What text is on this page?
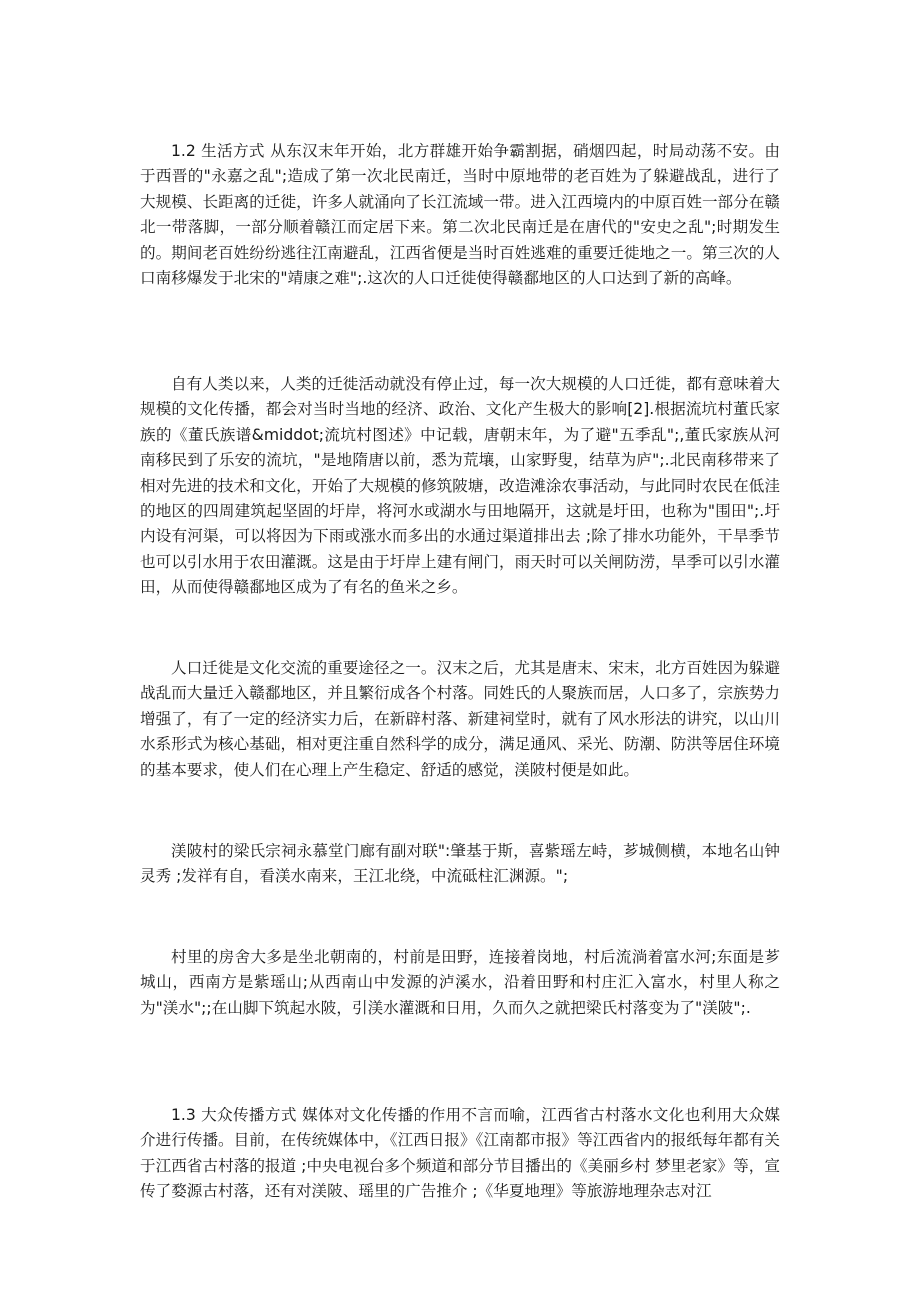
1.2 生活方式 从东汉末年开始，北方群雄开始争霸割据，硝烟四起，时局动荡不安。由于西晋的"永嘉之乱";造成了第一次北民南迁，当时中原地带的老百姓为了躲避战乱，进行了大规模、长距离的迁徙，许多人就涌向了长江流域一带。进入江西境内的中原百姓一部分在赣北一带落脚，一部分顺着赣江而定居下来。第二次北民南迁是在唐代的"安史之乱";时期发生的。期间老百姓纷纷逃往江南避乱，江西省便是当时百姓逃难的重要迁徙地之一。第三次的人口南移爆发于北宋的"靖康之难";.这次的人口迁徙使得赣鄱地区的人口达到了新的高峰。

自有人类以来，人类的迁徙活动就没有停止过，每一次大规模的人口迁徙，都有意味着大规模的文化传播，都会对当时当地的经济、政治、文化产生极大的影响[2].根据流坑村董氏家族的《董氏族谱&middot;流坑村图述》中记载，唐朝末年，为了避"五季乱";,董氏家族从河南移民到了乐安的流坑，"是地隋唐以前，悉为荒壤，山家野叟，结草为庐";.北民南移带来了相对先进的技术和文化，开始了大规模的修筑陂塘，改造滩涂农事活动，与此同时农民在低洼的地区的四周建筑起坚固的圩岸，将河水或湖水与田地隔开，这就是圩田，也称为"围田";.圩内设有河渠，可以将因为下雨或涨水而多出的水通过渠道排出去 ;除了排水功能外，干旱季节也可以引水用于农田灌溉。这是由于圩岸上建有闸门，雨天时可以关闸防涝，旱季可以引水灌田，从而使得赣鄱地区成为了有名的鱼米之乡。

人口迁徙是文化交流的重要途径之一。汉末之后，尤其是唐末、宋末，北方百姓因为躲避战乱而大量迁入赣鄱地区，并且繁衍成各个村落。同姓氏的人聚族而居，人口多了，宗族势力增强了，有了一定的经济实力后，在新辟村落、新建祠堂时，就有了风水形法的讲究，以山川水系形式为核心基础，相对更注重自然科学的成分，满足通风、采光、防潮、防洪等居住环境的基本要求，使人们在心理上产生稳定、舒适的感觉，渼陂村便是如此。

渼陂村的梁氏宗祠永慕堂门廊有副对联":肇基于斯，喜紫瑶左峙，芗城侧横，本地名山钟灵秀 ;发祥有自，看渼水南来，王江北绕，中流砥柱汇渊源。";

村里的房舍大多是坐北朝南的，村前是田野，连接着岗地，村后流淌着富水河;东面是芗城山，西南方是紫瑶山;从西南山中发源的泸溪水，沿着田野和村庄汇入富水，村里人称之为"渼水";;在山脚下筑起水陂，引渼水灌溉和日用，久而久之就把梁氏村落变为了"渼陂";.

1.3 大众传播方式 媒体对文化传播的作用不言而喻，江西省古村落水文化也利用大众媒介进行传播。目前，在传统媒体中，《江西日报》《江南都市报》等江西省内的报纸每年都有关于江西省古村落的报道 ;中央电视台多个频道和部分节目播出的《美丽乡村 梦里老家》等，宣传了婺源古村落，还有对渼陂、瑶里的广告推介 ;《华夏地理》等旅游地理杂志对江
